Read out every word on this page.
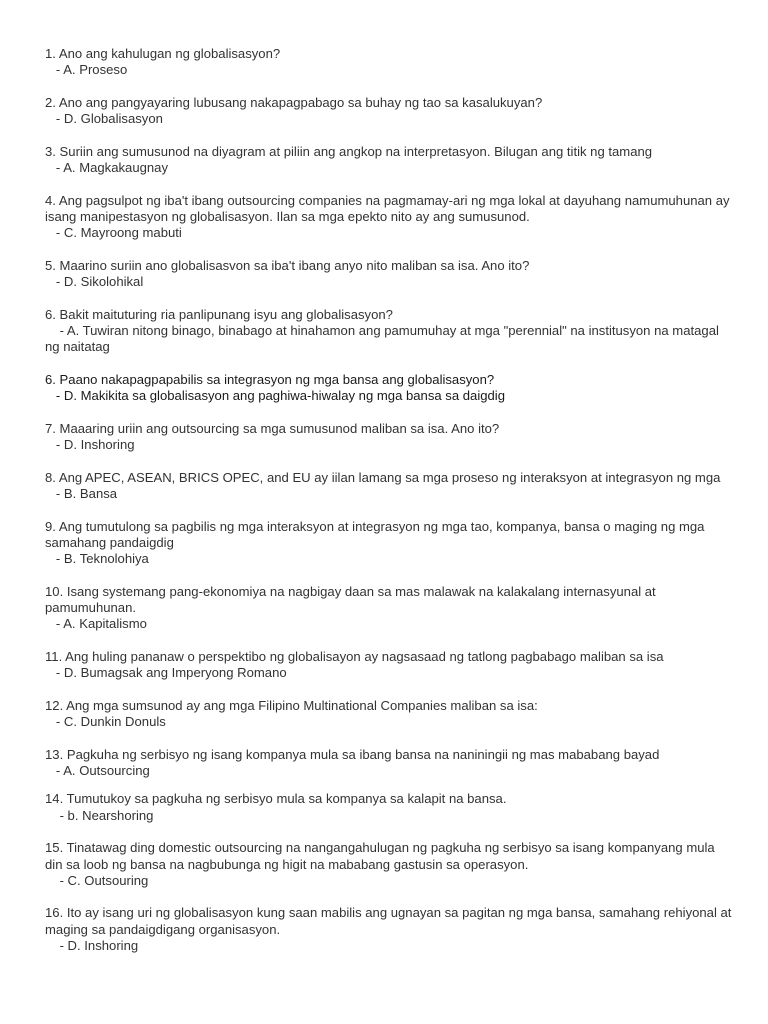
1. Ano ang kahulugan ng globalisasyon?
- A. Proseso
2. Ano ang pangyayaring lubusang nakapagpabago sa buhay ng tao sa kasalukuyan?
- D. Globalisasyon
3. Suriin ang sumusunod na diyagram at piliin ang angkop na interpretasyon. Bilugan ang titik ng tamang
- A. Magkakaugnay
4. Ang pagsulpot ng iba't ibang outsourcing companies na pagmamay-ari ng mga lokal at dayuhang namumuhunan ay isang manipestasyon ng globalisasyon. Ilan sa mga epekto nito ay ang sumusunod.
- C. Mayroong mabuti
5. Maarino suriin ano globalisasvon sa iba't ibang anyo nito maliban sa isa. Ano ito?
- D. Sikolohikal
6. Bakit maituturing ria panlipunang isyu ang globalisasyon?
- A. Tuwiran nitong binago, binabago at hinahamon ang pamumuhay at mga "perennial" na institusyon na matagal ng naitatag
6. Paano nakapagpapabilis sa integrasyon ng mga bansa ang globalisasyon?
- D. Makikita sa globalisasyon ang paghiwa-hiwalay ng mga bansa sa daigdig
7. Maaaring uriin ang outsourcing sa mga sumusunod maliban sa isa. Ano ito?
- D. Inshoring
8. Ang APEC, ASEAN, BRICS OPEC, and EU ay iilan lamang sa mga proseso ng interaksyon at integrasyon ng mga
- B. Bansa
9. Ang tumutulong sa pagbilis ng mga interaksyon at integrasyon ng mga tao, kompanya, bansa o maging ng mga samahang pandaigdig
- B. Teknolohiya
10. Isang systemang pang-ekonomiya na nagbigay daan sa mas malawak na kalakalang internasyunal at pamumuhunan.
- A. Kapitalismo
11. Ang huling pananaw o perspektibo ng globalisayon ay nagsasaad ng tatlong pagbabago maliban sa isa
- D. Bumagsak ang Imperyong Romano
12. Ang mga sumsunod ay ang mga Filipino Multinational Companies maliban sa isa:
- C. Dunkin Donuls
13. Pagkuha ng serbisyo ng isang kompanya mula sa ibang bansa na naniningii ng mas mababang bayad
- A. Outsourcing
14. Tumutukoy sa pagkuha ng serbisyo mula sa kompanya sa kalapit na bansa.
- b. Nearshoring
15. Tinatawag ding domestic outsourcing na nangangahulugan ng pagkuha ng serbisyo sa isang kompanyang mula din sa loob ng bansa na nagbubunga ng higit na mababang gastusin sa operasyon.
- C. Outsouring
16. Ito ay isang uri ng globalisasyon kung saan mabilis ang ugnayan sa pagitan ng mga bansa, samahang rehiyonal at maging sa pandaigdigang organisasyon.
- D. Inshoring
